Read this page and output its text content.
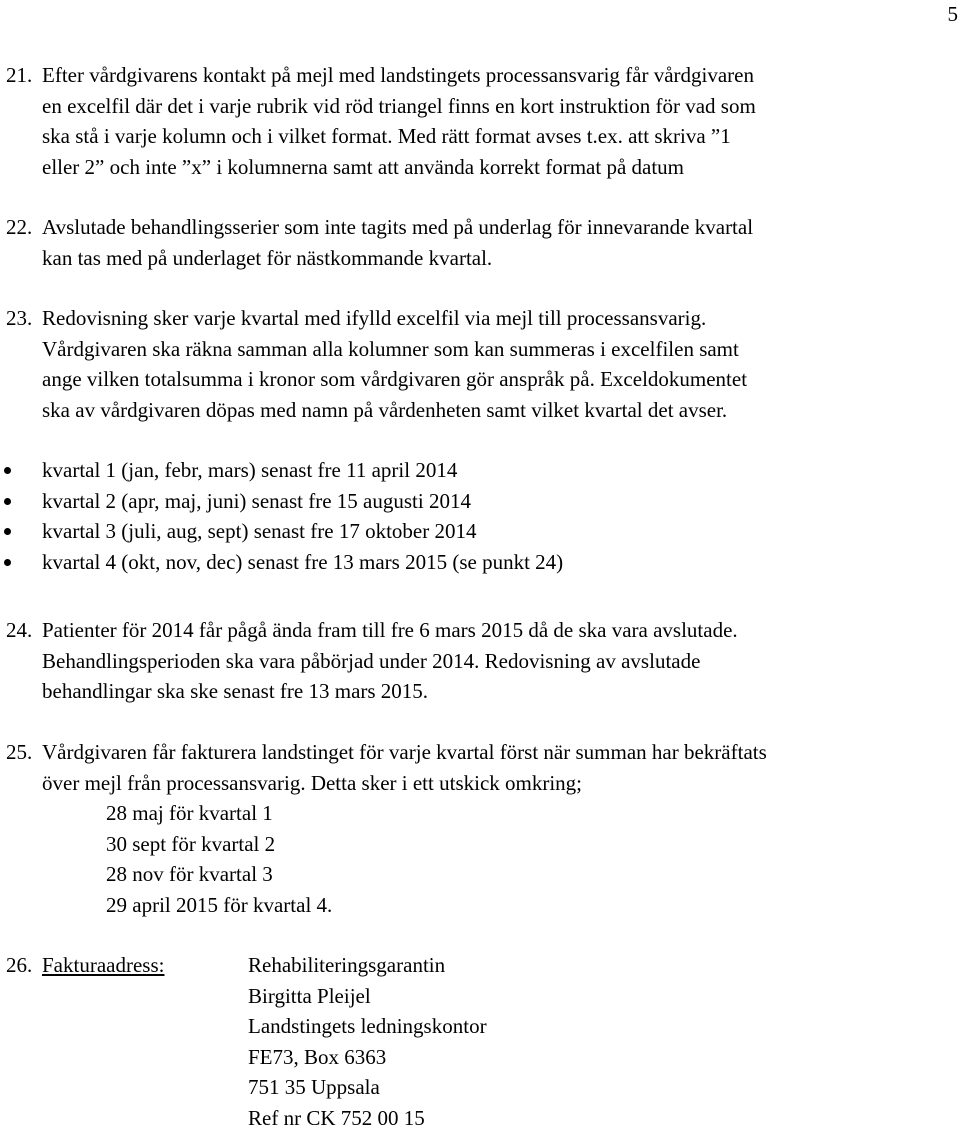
5
21. Efter vårdgivarens kontakt på mejl med landstingets processansvarig får vårdgivaren

en excelfil där det i varje rubrik vid röd triangel finns en kort instruktion för vad som

ska stå i varje kolumn och i vilket format. Med rätt format avses t.ex. att skriva ”1

eller 2” och inte ”x” i kolumnerna samt att använda korrekt format på datum

22. Avslutade behandlingsserier som inte tagits med på underlag för innevarande kvartal

kan tas med på underlaget för nästkommande kvartal.

23. Redovisning sker varje kvartal med ifylld excelfil via mejl till processansvarig.

Vårdgivaren ska räkna samman alla kolumner som kan summeras i excelfilen samt

ange vilken totalsumma i kronor som vårdgivaren gör anspråk på. Exceldokumentet

ska av vårdgivaren döpas med namn på vårdenheten samt vilket kvartal det avser.

kvartal 1 (jan, febr, mars) senast fre 11 april 2014
kvartal 2 (apr, maj, juni) senast fre 15 augusti 2014
kvartal 3 (juli, aug, sept) senast fre 17 oktober 2014
kvartal 4 (okt, nov, dec) senast fre 13 mars 2015 (se punkt 24)
24. Patienter för 2014 får pågå ända fram till fre 6 mars 2015 då de ska vara avslutade.

Behandlingsperioden ska vara påbörjad under 2014. Redovisning av avslutade

behandlingar ska ske senast fre 13 mars 2015.

25. Vårdgivaren får fakturera landstinget för varje kvartal först när summan har bekräftats

över mejl från processansvarig. Detta sker i ett utskick omkring;

28 maj för kvartal 1

30 sept för kvartal 2

28 nov för kvartal 3

29 april 2015 för kvartal 4.

26. Fakturaadress:	Rehabiliteringsgarantin

Birgitta Pleijel

Landstingets ledningskontor

FE73, Box 6363

751 35 Uppsala

Ref nr CK 752 00 15
